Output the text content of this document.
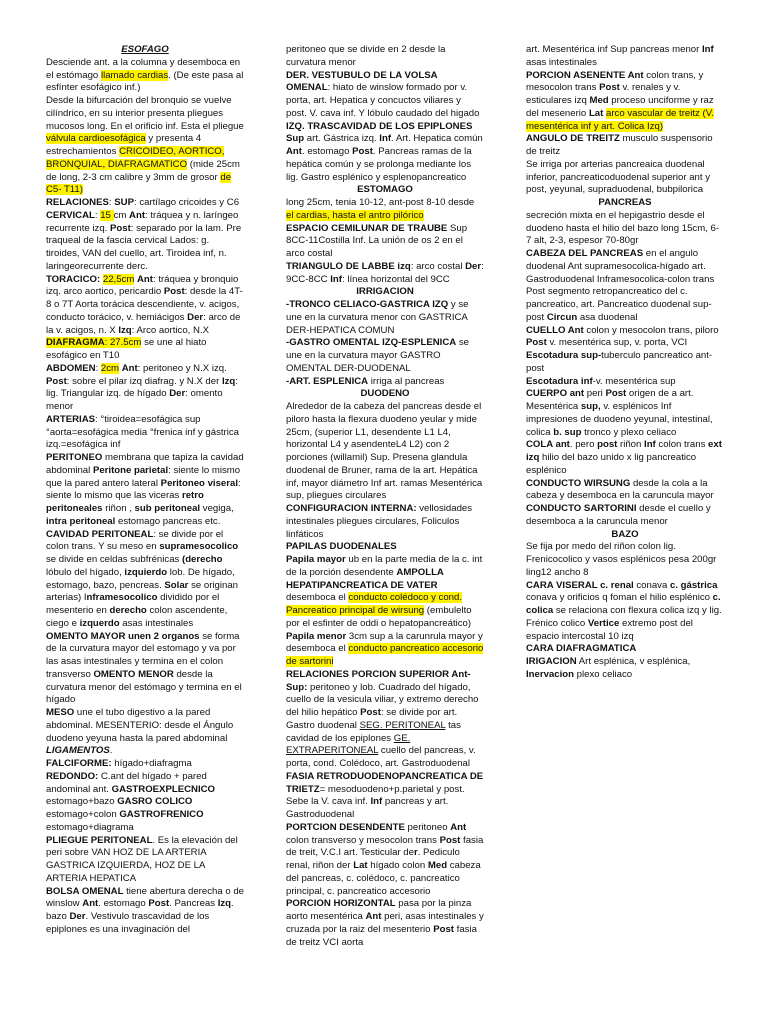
ESOFAGO

Desciende ant. a la columna y desemboca en el estómago llamado cardias. (De este pasa al esfínter esofágico inf.)

Desde la bifurcación del bronquio se vuelve cilíndrico, en su interior presenta pliegues mucosos long. En el orificio inf. Esta el pliegue válvula cardioesofágica y presenta 4 estrechamientos CRICOIDEO, AORTICO, BRONQUIAL, DIAFRAGMATICO (mide 25cm de long, 2-3 cm calibre y 3mm de grosor de C5- T11)

RELACIONES: SUP: cartílago cricoides y C6 CERVICAL: 15 cm Ant: tráquea y n. laríngeo recurrente izq. Post: separado por la lam. Pre traqueal de la fascia cervical Lados: g. tiroides, VAN del cuello, art. Tiroidea inf, n. laringeorecurrente derc.

TORACICO: 22,5cm Ant: tráquea y bronquio izq. arco aortico, pericardio Post: desde la 4T-8 o 7T Aorta torácica descendiente, v. acigos, conducto torácico, v. hemiácigos Der: arco de la v. acigos, n. X Izq: Arco aortico, N.X

DIAFRAGMA: 27.5cm se une al hiato esofágico en T10

ABDOMEN: 2cm Ant: peritoneo y N.X izq. Post: sobre el pilar izq diafrag. y N.X der Izq: lig. Triangular izq. de hígado Der: omento menor

ARTERIAS: °tiroidea=esofágica sup °aorta=esofágica media °frenica inf y gástrica izq.=esofágica inf

PERITONEO membrana que tapiza la cavidad abdominal Peritone parietal: siente lo mismo que la pared antero lateral Peritoneo viseral: siente lo mismo que las viceras retro peritoneales riñon , sub peritoneal vegiga, intra peritoneal estomago pancreas etc.

CAVIDAD PERITONEAL: se divide por el colon trans. Y su meso en supramesocolico se divide en celdas subfrénicas (derecho lóbulo del hígado, izquierdo lob. De hígado, estomago, bazo, pencreas. Solar se originan arterias) Inframesocolico dividido por el mesenterio en derecho colon ascendente, ciego e izquerdo asas intestinales

OMENTO MAYOR unen 2 organos se forma de la curvatura mayor del estomago y va por las asas intestinales y termina en el colon transverso OMENTO MENOR desde la curvatura menor del estómago y termina en el hígado

MESO une el tubo digestivo a la pared abdominal. MESENTERIO: desde el Ángulo duodeno yeyuna hasta la pared abdominal

LIGAMENTOS.

FALCIFORME: hígado+diafragma

REDONDO: C.ant del hígado + pared andominal ant. GASTROEXPLECNICO estomago+bazo GASRO COLICO estomago+colon GASTROFRENICO estomago+diagrama

PLIEGUE PERITONEAL. Es la elevación del peri sobre VAN HOZ DE LA ARTERIA GASTRICA IZQUIERDA, HOZ DE LA ARTERIA HEPATICA

BOLSA OMENAL tiene abertura derecha o de winslow Ant. estomago Post. Pancreas Izq. bazo Der. Vestivulo trascavidad de los epiplones es una invaginación del

peritoneo que se divide en 2 desde la curvatura menor

DER. VESTUBULO DE LA VOLSA OMENAL: hiato de winslow formado por v. porta, art. Hepatica y concuctos viliares y post. V. cava inf. Y lóbulo caudado del higado

IZQ. TRASCAVIDAD DE LOS EPIPLONES Sup art. Gástrica izq. Inf. Art. Hepatica común Ant. estomago Post. Pancreas ramas de la hepática común y se prolonga mediante los lig. Gastro esplénico y esplenopancreatico

ESTOMAGO

long 25cm, tenia 10-12, ant-post 8-10 desde el cardias, hasta el antro pilórico

ESPACIO CEMILUNAR DE TRAUBE Sup 8CC-11Costilla Inf. La unión de os 2 en el arco costal

TRIANGULO DE LABBE izq: arco costal Der: 9CC-8CC Inf: línea horizontal del 9CC

IRRIGACION

-TRONCO CELIACO-GASTRICA IZQ y se une en la curvatura menor con GASTRICA DER-HEPATICA COMUN

-GASTRO OMENTAL IZQ-ESPLENICA se une en la curvatura mayor GASTRO OMENTAL DER-DUODENAL

-ART. ESPLENICA irriga al pancreas

DUODENO

Alrededor de la cabeza del pancreas desde el piloro hasta la flexura duodeno yeular y mide 25cm, (superior L1, desendente L1 L4, horizontal L4 y asendenteL4 L2) con 2 porciones (willamil) Sup. Presena glandula duodenal de Bruner, rama de la art. Hepática inf, mayor diámetro Inf art. ramas Mesentérica sup, pliegues circulares

CONFIGURACION INTERNA: vellosidades intestinales pliegues circulares, Foliculos linfáticos

PAPILAS DUODENALES

Papila mayor ub en la parte media de la c. int de la porción desendente AMPOLLA HEPATIPANCREATICA DE VATER desemboca el conducto colédoco y cond. Pancreatico principal de wirsung (embulelto por el esfinter de oddi o hepatopancreático)

Papila menor 3cm sup a la carunrula mayor y desemboca el conducto pancreatico accesorio de sartorini

RELACIONES PORCION SUPERIOR Ant-Sup: peritoneo y lob. Cuadrado del hígado, cuello de la vesicula viliar, y extremo derecho del hilio hepático Post: se divide por art. Gastro duodenal SEG. PERITONEAL tas cavidad de los epiplones GE. EXTRAPERITONEAL cuello del pancreas, v. porta, cond. Colédoco, art. Gastroduodenal

FASIA RETRODUODENOPANCREATICA DE TRIETZ= mesoduodeno+p.parietal y post. Sebe la V. cava inf. Inf pancreas y art. Gastroduodenal

PORTCION DESENDENTE peritoneo Ant colon transverso y mesocolon trans Post fasia de treit, V.C.I art. Testicular der. Pediculo renal, riñon der Lat hígado colon Med cabeza del pancreas, c. colédoco, c. pancreatico principal, c. pancreatico accesorio

PORCION HORIZONTAL pasa por la pinza aorto mesentérica Ant peri, asas intestinales y cruzada por la raiz del mesenterio Post fasia de treitz VCI aorta

art. Mesentérica inf Sup pancreas menor Inf asas intestinales

PORCION ASENENTE Ant colon trans, y mesocolon trans Post v. renales y v. esticulares izq Med proceso unciforme y raz del mesenerio Lat arco vascular de treitz (V. mesentérica inf y art. Colica Izq)

ANGULO DE TREITZ musculo suspensorio de treitz

Se irriga por arterias pancreaica duodenal inferior, pancreaticoduodenal superior ant y post, yeyunal, supraduodenal, bubpilorica

PANCREAS

secreción mixta en el hepigastrio desde el duodeno hasta el hilio del bazo long 15cm, 6-7 alt, 2-3, espesor 70-80gr

CABEZA DEL PANCREAS en el angulo duodenal Ant supramesocolica-hígado art. Gastroduodenal Inframesocolica-colon trans Post segmento retropancreatico del c. pancreatico, art. Pancreatico duodenal sup-post Circun asa duodenal

CUELLO Ant colon y mesocolon trans, piloro Post v. mesentérica sup, v. porta, VCI Escotadura sup-tuberculo pancreatico ant-post

Escotadura inf-v. mesentérica sup

CUERPO ant peri Post origen de a art. Mesentérica sup, v. esplénicos Inf impresiones de duodeno yeyunal, intestinal, colica b. sup tronco y plexo celiaco

COLA ant. pero post riñon Inf colon trans ext izq hilio del bazo unido x lig pancreatico esplénico

CONDUCTO WIRSUNG desde la cola a la cabeza y desemboca en la caruncula mayor

CONDUCTO SARTORINI desde el cuello y desemboca a la caruncula menor

BAZO

Se fija por medo del riñon colon lig. Frenicocolico y vasos esplénicos pesa 200gr ling12 ancho 8

CARA VISERAL c. renal conava c. gástrica conava y orificios q foman el hilio esplénico c. colica se relaciona con flexura colica izq y lig. Frénico colico Vertice extremo post del espacio intercostal 10 izq

CARA DIAFRAGMATICA

IRIGACION Art esplénica, v esplénica,

Inervacion plexo celiaco
